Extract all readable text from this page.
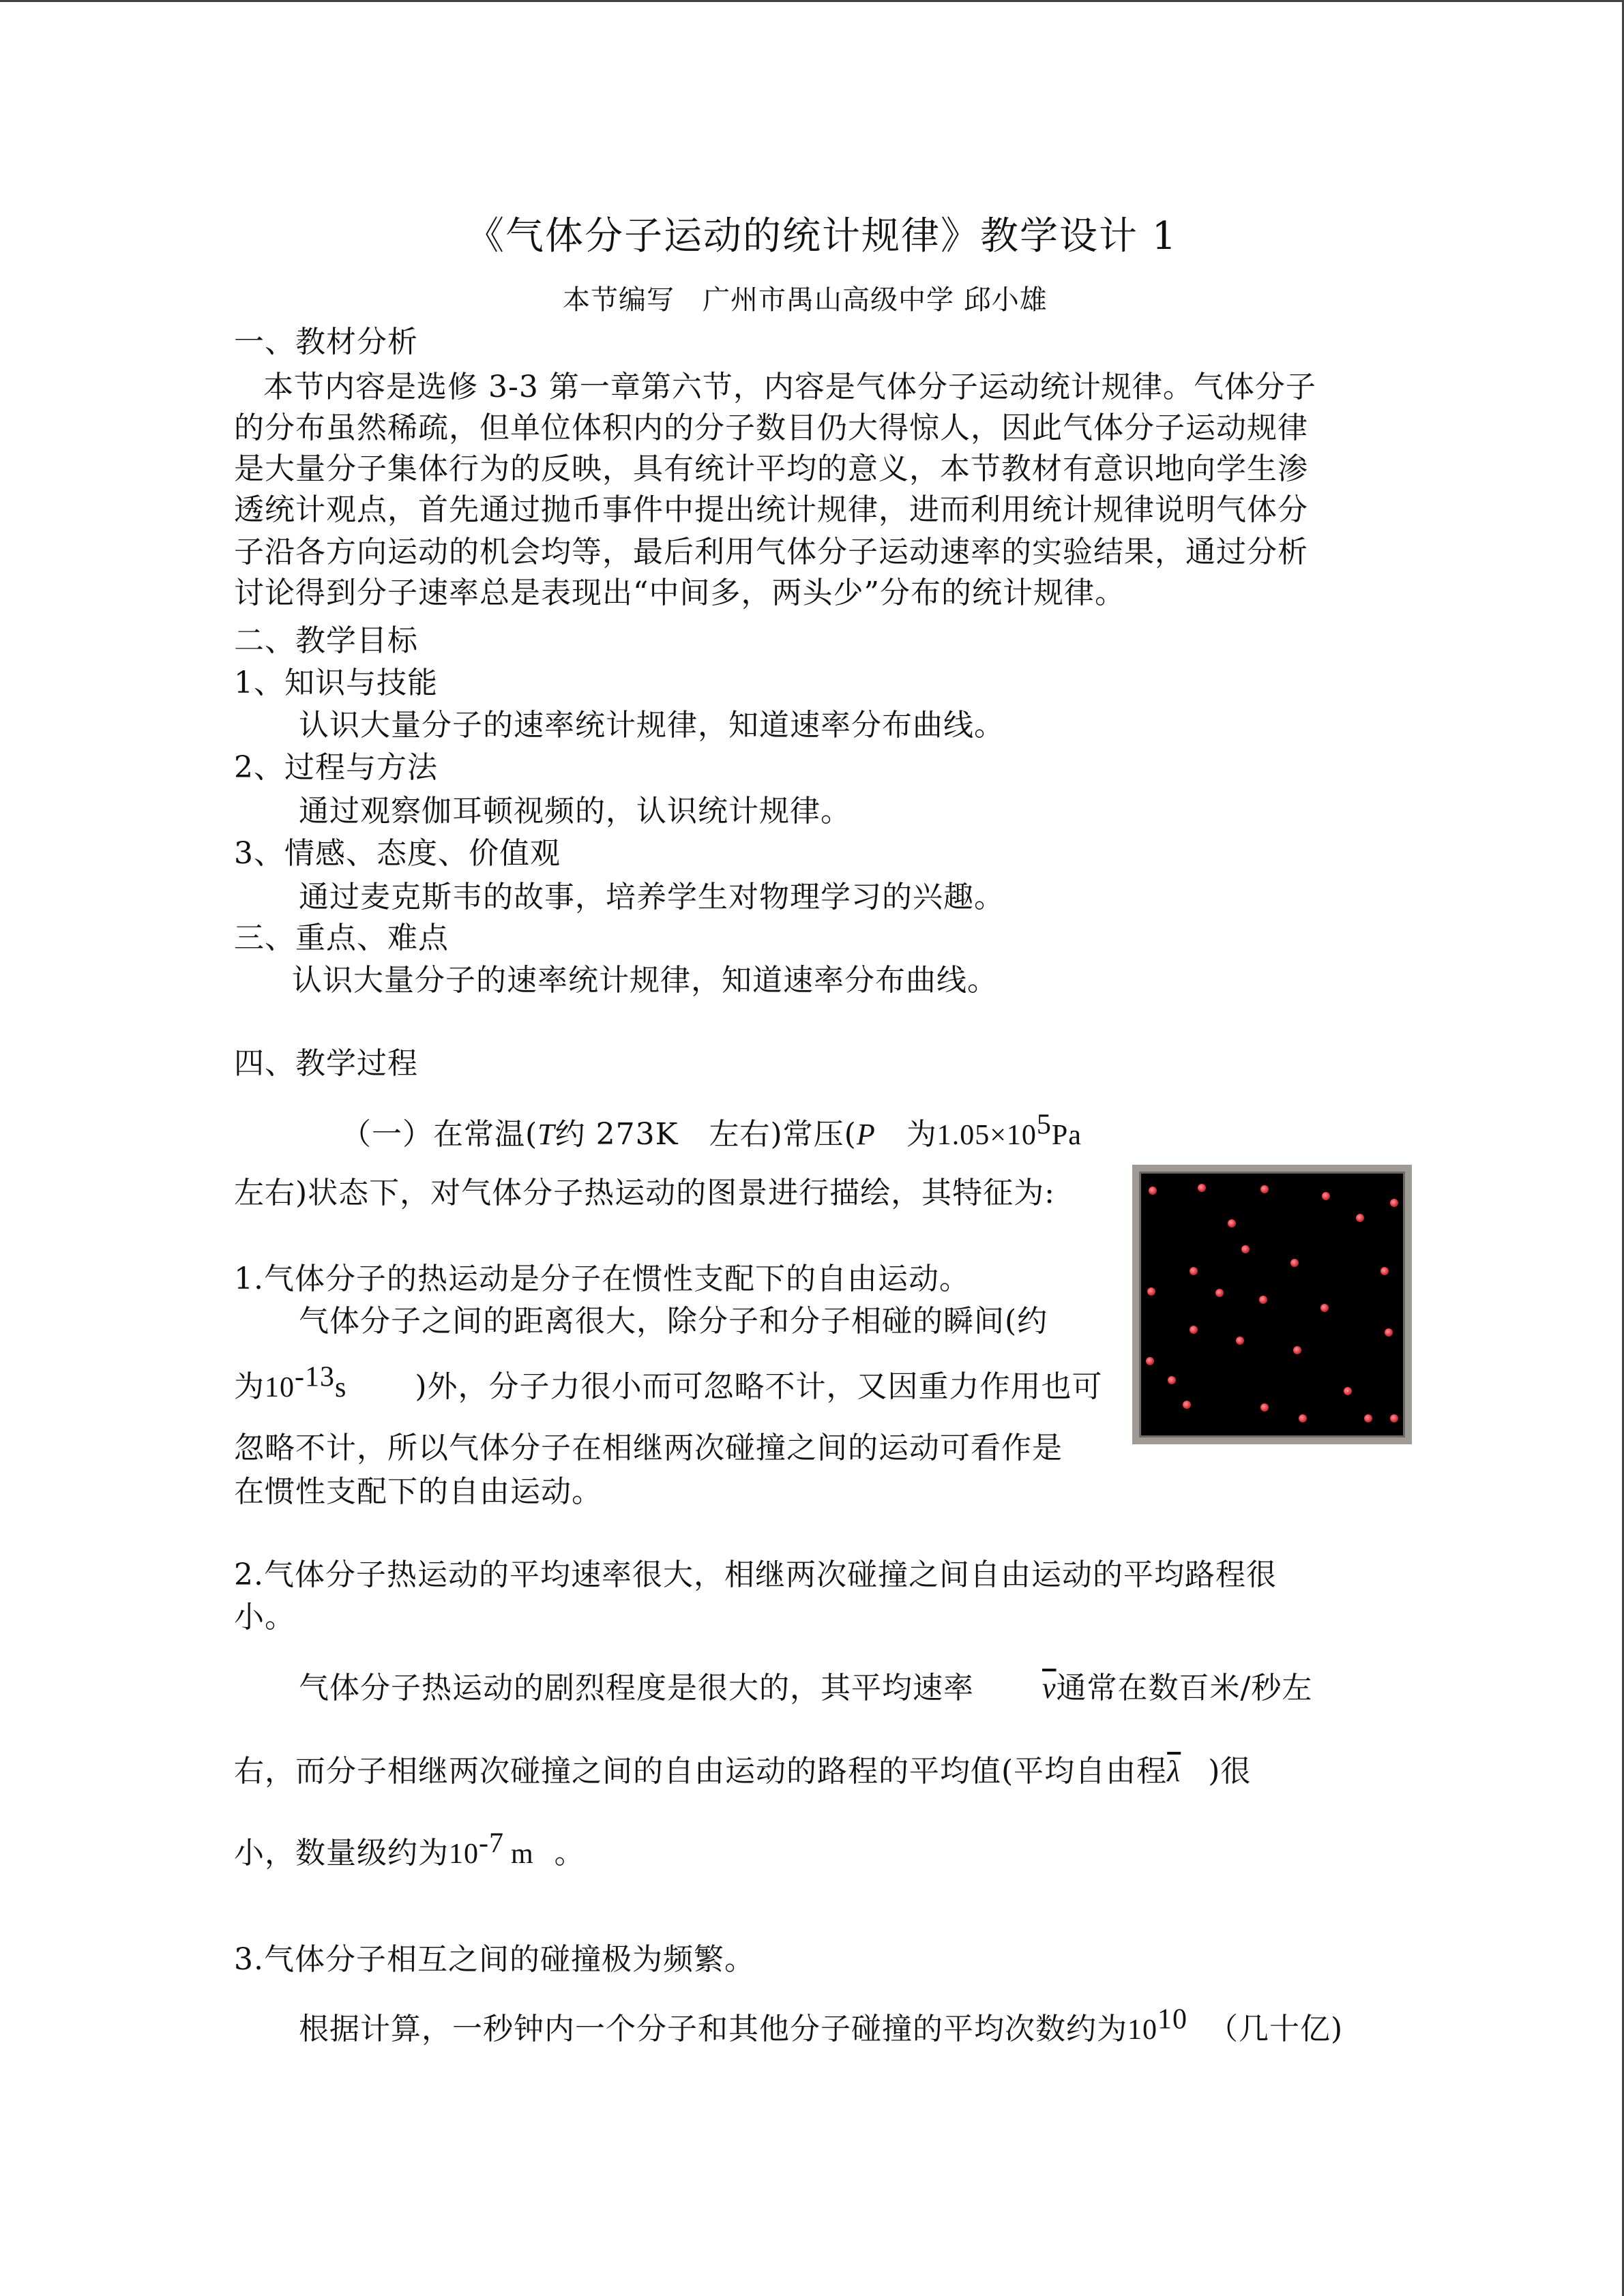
《气体分子运动的统计规律》教学设计 1
本节编写　广州市禺山高级中学 邱小雄
一、教材分析
本节内容是选修 3-3 第一章第六节，内容是气体分子运动统计规律。气体分子
的分布虽然稀疏，但单位体积内的分子数目仍大得惊人，因此气体分子运动规律
是大量分子集体行为的反映，具有统计平均的意义，本节教材有意识地向学生渗
透统计观点，首先通过抛币事件中提出统计规律，进而利用统计规律说明气体分
子沿各方向运动的机会均等，最后利用气体分子运动速率的实验结果，通过分析
讨论得到分子速率总是表现出“中间多，两头少”分布的统计规律。
二、教学目标
1、知识与技能
认识大量分子的速率统计规律，知道速率分布曲线。
2、过程与方法
通过观察伽耳顿视频的，认识统计规律。
3、情感、态度、价值观
通过麦克斯韦的故事，培养学生对物理学习的兴趣。
三、重点、难点
认识大量分子的速率统计规律，知道速率分布曲线。
四、教学过程
（一）在常温(T约 273K　左右)常压(P　为1.05×105Pa
左右)状态下，对气体分子热运动的图景进行描绘，其特征为:
1.气体分子的热运动是分子在惯性支配下的自由运动。
气体分子之间的距离很大，除分子和分子相碰的瞬间(约
为10-13s )外，分子力很小而可忽略不计，又因重力作用也可
忽略不计，所以气体分子在相继两次碰撞之间的运动可看作是
在惯性支配下的自由运动。
2.气体分子热运动的平均速率很大，相继两次碰撞之间自由运动的平均路程很
小。
气体分子热运动的剧烈程度是很大的，其平均速率 $\overline{v}$通常在数百米/秒左
右，而分子相继两次碰撞之间的自由运动的路程的平均值(平均自由程$\overline{\lambda}$ )很
小，数量级约为10-7 m 。
3.气体分子相互之间的碰撞极为频繁。
根据计算，一秒钟内一个分子和其他分子碰撞的平均次数约为1010 （几十亿)
